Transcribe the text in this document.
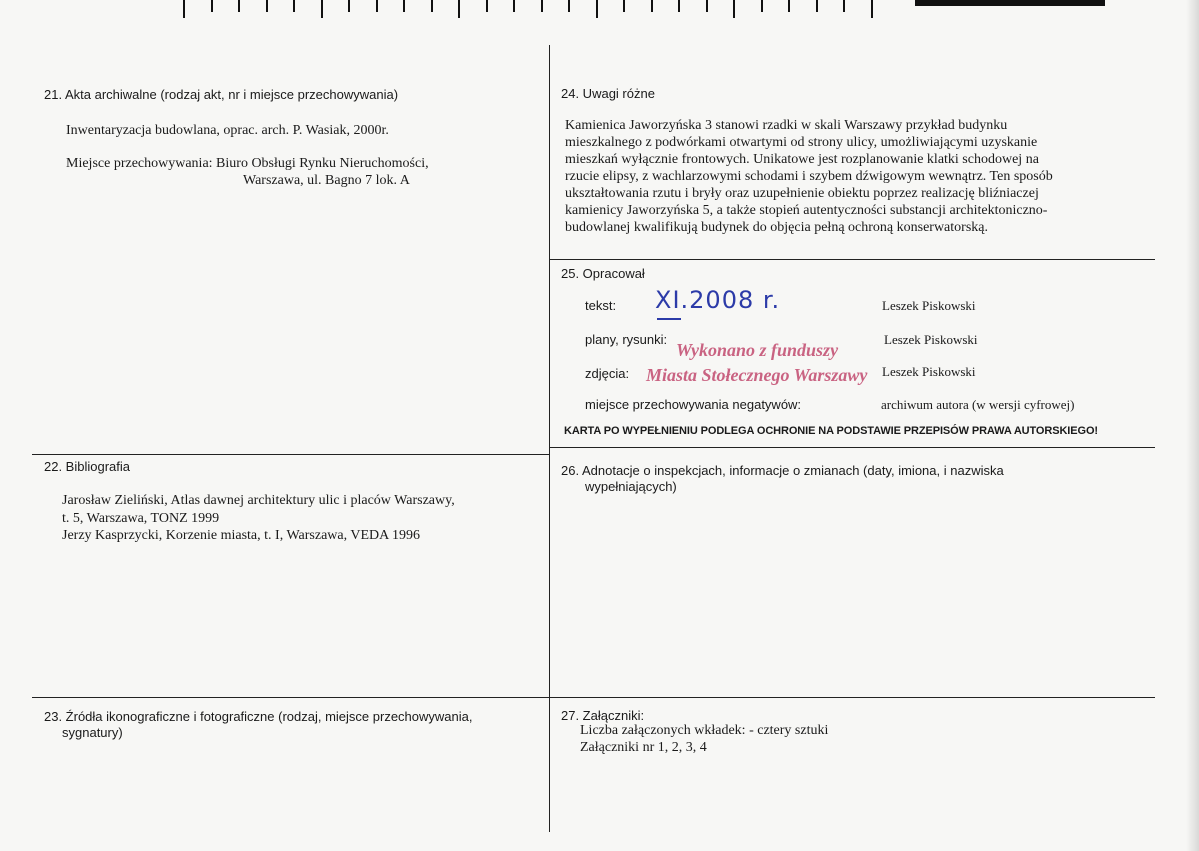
21. Akta archiwalne (rodzaj akt, nr i miejsce przechowywania)
Inwentaryzacja budowlana, oprac. arch. P. Wasiak, 2000r.
Miejsce przechowywania: Biuro Obsługi Rynku Nieruchomości,
Warszawa, ul. Bagno 7 lok. A
24. Uwagi różne
Kamienica Jaworzyńska 3 stanowi rzadki w skali Warszawy przykład budynku
mieszkalnego z podwórkami otwartymi od strony ulicy, umożliwiającymi uzyskanie
mieszkań wyłącznie frontowych. Unikatowe jest rozplanowanie klatki schodowej na
rzucie elipsy, z wachlarzowymi schodami i szybem dźwigowym wewnątrz. Ten sposób
ukształtowania rzutu i bryły oraz uzupełnienie obiektu poprzez realizację bliźniaczej
kamienicy Jaworzyńska 5, a także stopień autentyczności substancji architektoniczno-
budowlanej kwalifikują budynek do objęcia pełną ochroną konserwatorską.
25. Opracował
tekst:	Leszek Piskowski
plany, rysunki:	Leszek Piskowski
zdjęcia:	Leszek Piskowski
miejsce przechowywania negatywów:	archiwum autora (w wersji cyfrowej)
XI.2008 r.
Wykonano z funduszy
Miasta Stołecznego Warszawy
KARTA PO WYPEŁNIENIU PODLEGA OCHRONIE NA PODSTAWIE PRZEPISÓW PRAWA AUTORSKIEGO!
22. Bibliografia
Jarosław Zieliński, Atlas dawnej architektury ulic i placów Warszawy,
t. 5, Warszawa, TONZ 1999
Jerzy Kasprzycki, Korzenie miasta, t. I, Warszawa, VEDA 1996
26. Adnotacje o inspekcjach, informacje o zmianach (daty, imiona, i nazwiska
wypełniających)
23. Źródła ikonograficzne i fotograficzne (rodzaj, miejsce przechowywania,
sygnatury)
27. Załączniki:
Liczba załączonych wkładek: - cztery sztuki
Załączniki nr 1, 2, 3, 4
